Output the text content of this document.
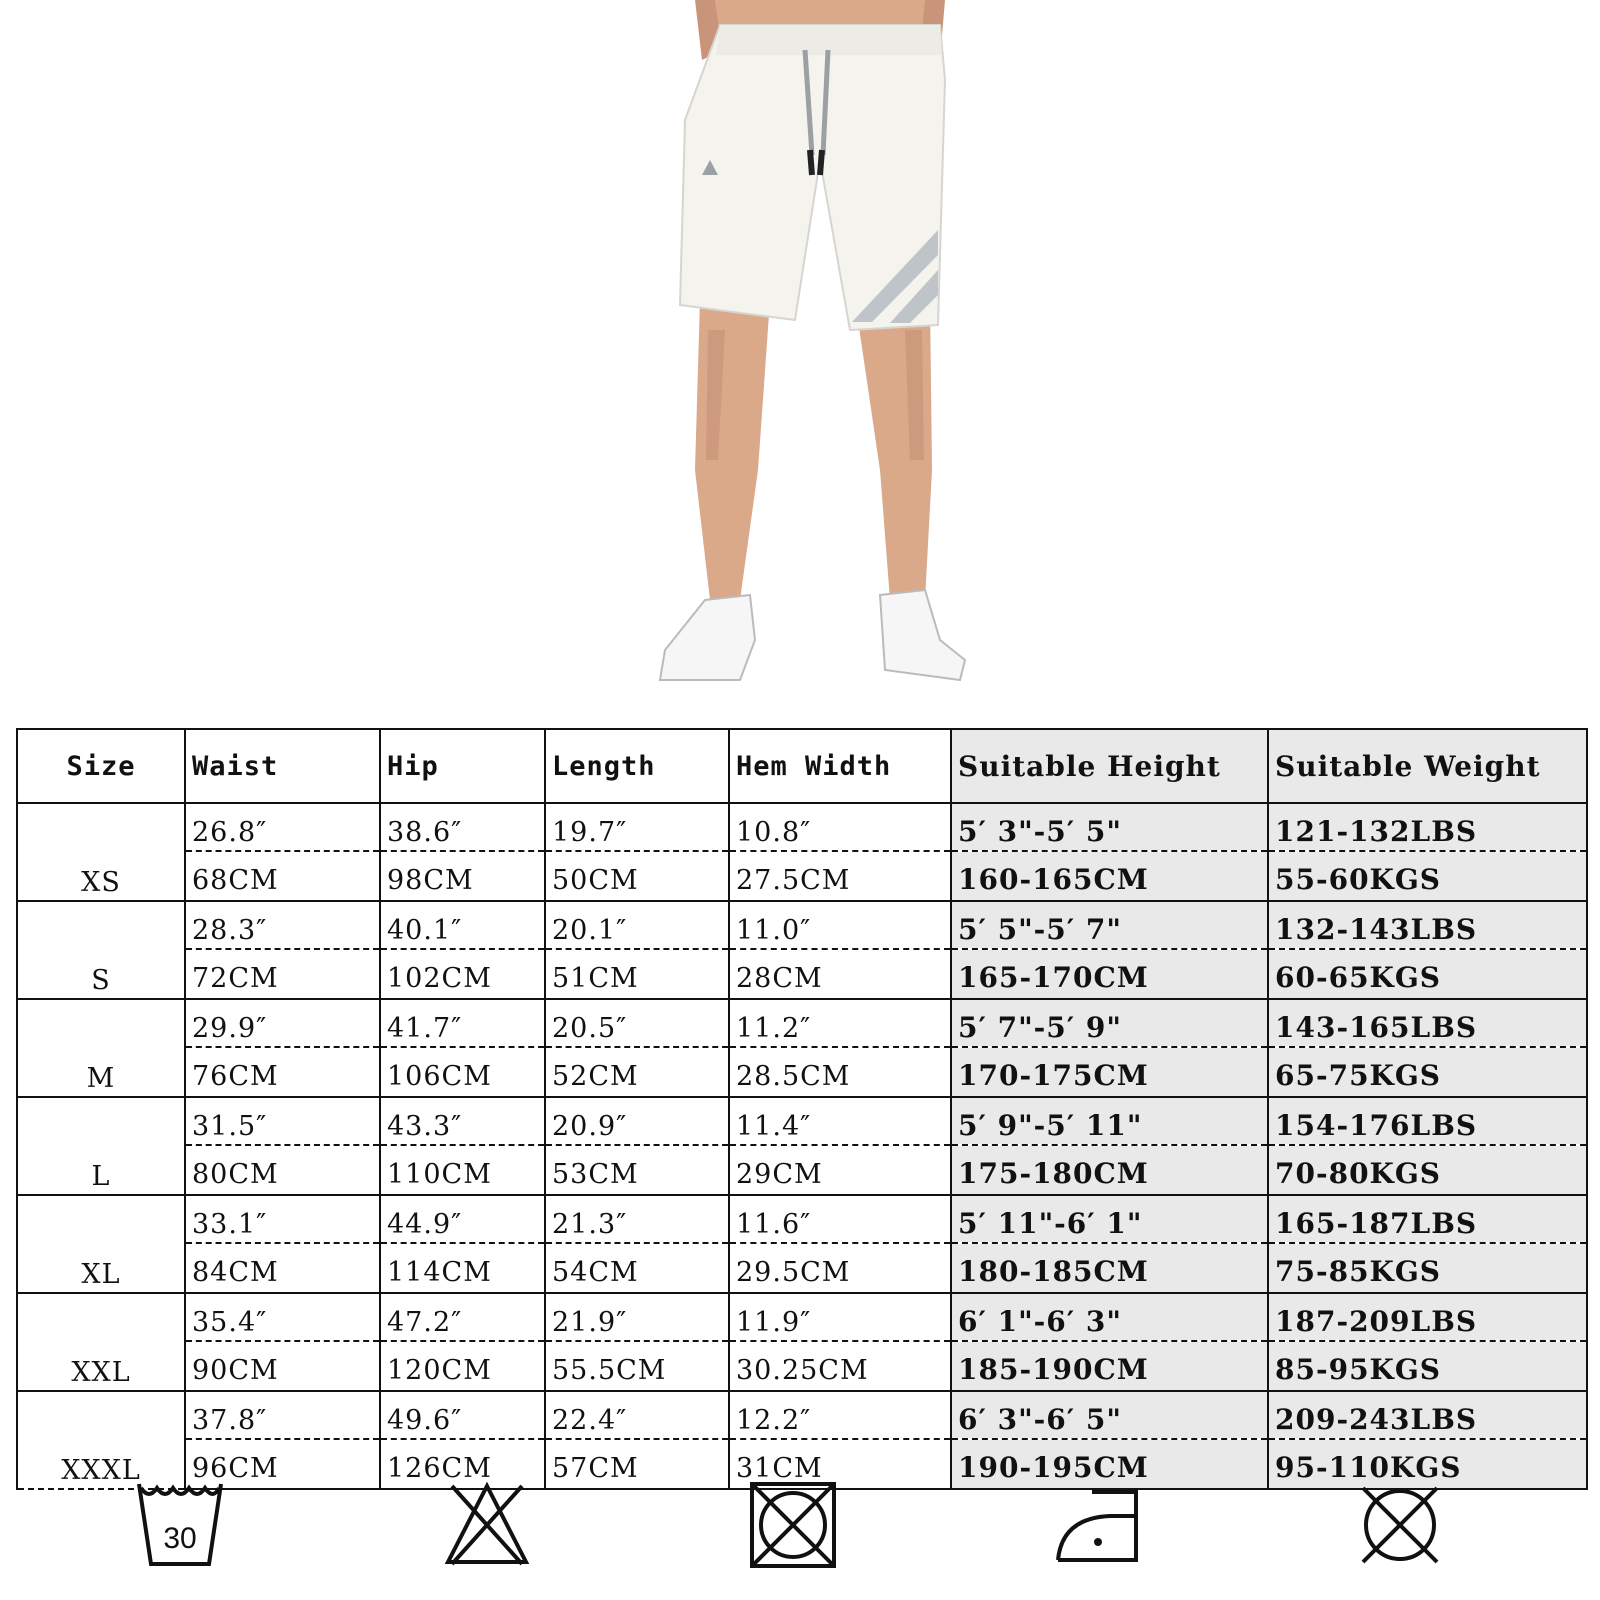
Size	Waist	Hip	Length	Hem Width	Suitable Height	Suitable Weight
XS	26.8″	38.6″	19.7″	10.8″	5′ 3"-5′ 5"	121-132LBS
	68CM	98CM	50CM	27.5CM	160-165CM	55-60KGS
S	28.3″	40.1″	20.1″	11.0″	5′ 5"-5′ 7"	132-143LBS
	72CM	102CM	51CM	28CM	165-170CM	60-65KGS
M	29.9″	41.7″	20.5″	11.2″	5′ 7"-5′ 9"	143-165LBS
	76CM	106CM	52CM	28.5CM	170-175CM	65-75KGS
L	31.5″	43.3″	20.9″	11.4″	5′ 9"-5′ 11"	154-176LBS
	80CM	110CM	53CM	29CM	175-180CM	70-80KGS
XL	33.1″	44.9″	21.3″	11.6″	5′ 11"-6′ 1"	165-187LBS
	84CM	114CM	54CM	29.5CM	180-185CM	75-85KGS
XXL	35.4″	47.2″	21.9″	11.9″	6′ 1"-6′ 3"	187-209LBS
	90CM	120CM	55.5CM	30.25CM	185-190CM	85-95KGS
XXXL	37.8″	49.6″	22.4″	12.2″	6′ 3"-6′ 5"	209-243LBS
	96CM	126CM	57CM	31CM	190-195CM	95-110KGS
30
